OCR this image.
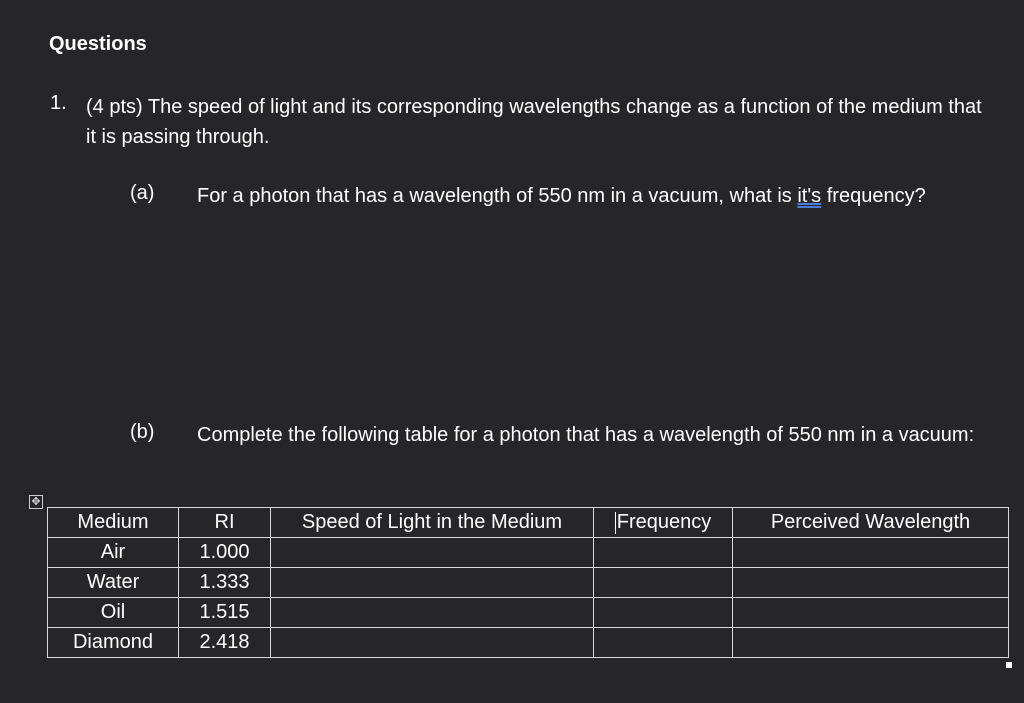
Questions
1. (4 pts) The speed of light and its corresponding wavelengths change as a function of the medium that it is passing through.
(a) For a photon that has a wavelength of 550 nm in a vacuum, what is it's frequency?
(b) Complete the following table for a photon that has a wavelength of 550 nm in a vacuum:
✥
Medium	RI	Speed of Light in the Medium	Frequency	Perceived Wavelength
Air	1.000			
Water	1.333			
Oil	1.515			
Diamond	2.418			
